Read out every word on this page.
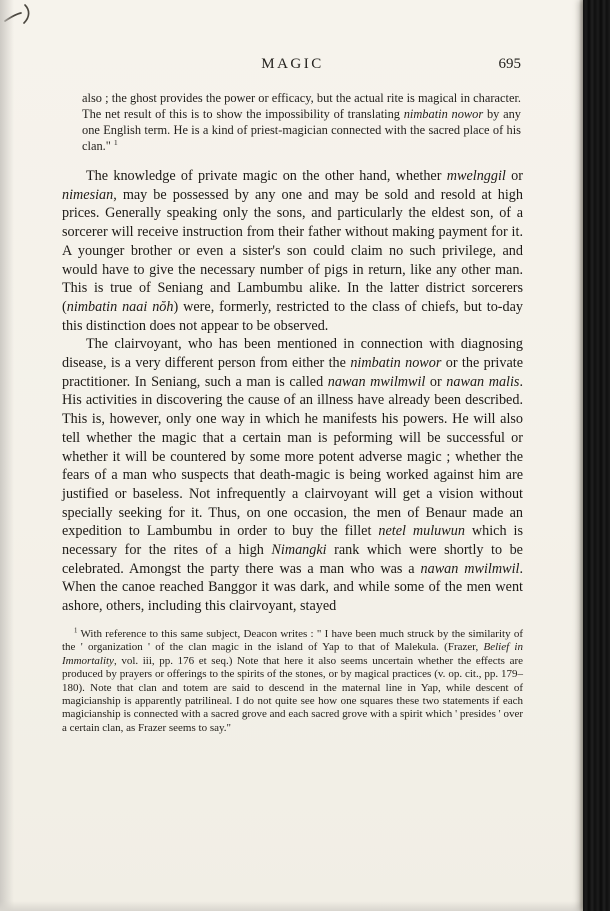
MAGIC	695
also ; the ghost provides the power or efficacy, but the actual rite is magical in character. The net result of this is to show the impossibility of translating nimbatin nowor by any one English term. He is a kind of priest-magician connected with the sacred place of his clan." $^1$

The knowledge of private magic on the other hand, whether mwelnggil or nimesian, may be possessed by any one and may be sold and resold at high prices. Generally speaking only the sons, and particularly the eldest son, of a sorcerer will receive instruction from their father without making payment for it. A younger brother or even a sister's son could claim no such privilege, and would have to give the necessary number of pigs in return, like any other man. This is true of Seniang and Lambumbu alike. In the latter district sorcerers (nimbatin naai nŏh) were, formerly, restricted to the class of chiefs, but to-day this distinction does not appear to be observed.

The clairvoyant, who has been mentioned in connection with diagnosing disease, is a very different person from either the nimbatin nowor or the private practitioner. In Seniang, such a man is called nawan mwilmwil or nawan malis. His activities in discovering the cause of an illness have already been described. This is, however, only one way in which he manifests his powers. He will also tell whether the magic that a certain man is peforming will be successful or whether it will be countered by some more potent adverse magic ; whether the fears of a man who suspects that death-magic is being worked against him are justified or baseless. Not infrequently a clairvoyant will get a vision without specially seeking for it. Thus, on one occasion, the men of Benaur made an expedition to Lambumbu in order to buy the fillet netel muluwun which is necessary for the rites of a high Nimangki rank which were shortly to be celebrated. Amongst the party there was a man who was a nawan mwilmwil. When the canoe reached Banggor it was dark, and while some of the men went ashore, others, including this clairvoyant, stayed

$^1$ With reference to this same subject, Deacon writes : " I have been much struck by the similarity of the ' organization ' of the clan magic in the island of Yap to that of Malekula. (Frazer, Belief in Immortality, vol. iii, pp. 176 et seq.) Note that here it also seems uncertain whether the effects are produced by prayers or offerings to the spirits of the stones, or by magical practices (v. op. cit., pp. 179–180). Note that clan and totem are said to descend in the maternal line in Yap, while descent of magicianship is apparently patrilineal. I do not quite see how one squares these two statements if each magicianship is connected with a sacred grove and each sacred grove with a spirit which ' presides ' over a certain clan, as Frazer seems to say."
